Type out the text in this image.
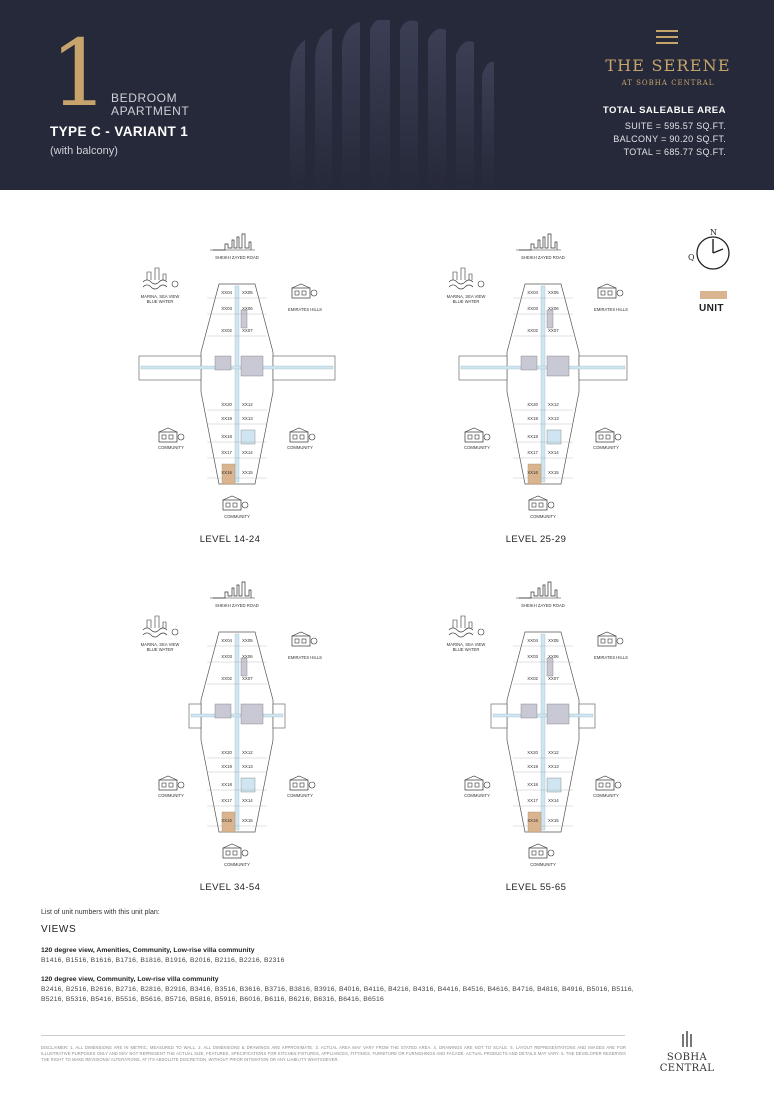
1 BEDROOM
APARTMENT
TYPE C - VARIANT 1
(with balcony)
THE SERENE
AT SOBHA CENTRAL
TOTAL SALEABLE AREA
SUITE = 595.57 SQ.FT.
BALCONY = 90.20 SQ.FT.
TOTAL = 685.77 SQ.FT.
N
Q
UNIT
SHEIKH ZAYED ROAD
MARINA, SEA VIEW
BLUE WATER
EMIRATES HILLS
COMMUNITY	COMMUNITY
COMMUNITY
XX04 XX05
XX03 XX06
XX02 XX07
XX20 XX12
XX19 XX13
XX18
XX17 XX14
XX16 XX15
LEVEL 14-24
SHEIKH ZAYED ROAD
MARINA, SEA VIEW
BLUE WATER
EMIRATES HILLS
COMMUNITY	COMMUNITY
COMMUNITY
XX04 XX05
XX03 XX06
XX02 XX07
XX20 XX12
XX19 XX13
XX18
XX17 XX14
XX16 XX15
LEVEL 25-29
SHEIKH ZAYED ROAD
MARINA, SEA VIEW
BLUE WATER
EMIRATES HILLS
COMMUNITY	COMMUNITY
COMMUNITY
XX04 XX05
XX03 XX06
XX02 XX07
XX20 XX12
XX19 XX13
XX18
XX17 XX14
XX16 XX15
LEVEL 34-54
SHEIKH ZAYED ROAD
MARINA, SEA VIEW
BLUE WATER
EMIRATES HILLS
COMMUNITY	COMMUNITY
COMMUNITY
XX04 XX05
XX03 XX06
XX02 XX07
XX20 XX12
XX19 XX13
XX18
XX17 XX14
XX16 XX15
LEVEL 55-65
List of unit numbers with this unit plan:
VIEWS
120 degree view, Amenities, Community, Low-rise villa community
B1416, B1516, B1616, B1716, B1816, B1916, B2016, B2116, B2216, B2316
120 degree view, Community, Low-rise villa community
B2416, B2516, B2616, B2716, B2816, B2916, B3416, B3516, B3616, B3716, B3816, B3916, B4016, B4116, B4216, B4316, B4416, B4516, B4616, B4716, B4816, B4916, B5016, B5116, B5216, B5316, B5416, B5516, B5616, B5716, B5816, B5916, B6016, B6116, B6216, B6316, B6416, B6516
DISCLAIMER: 1. ALL DIMENSIONS ARE IN METRIC, MEASURED TO WALL. 2. ALL DIMENSIONS & DRAWINGS ARE APPROXIMATE. 3. ACTUAL AREA MAY VARY FROM THE STATED AREA. 4. DRAWINGS ARE NOT TO SCALE. 5. LAYOUT REPRESENTATIONS AND IMAGES ARE FOR ILLUSTRATIVE PURPOSES ONLY AND MAY NOT REPRESENT THE ACTUAL SIZE, FEATURES, SPECIFICATIONS FOR KITCHEN FIXTURES, APPLIANCES, FITTINGS, FURNITURE OR FURNISHINGS AND FACADE. ACTUAL PRODUCTS AND DETAILS MAY VARY. 6. THE DEVELOPER RESERVES THE RIGHT TO MAKE REVISIONS/ ALTERATIONS, AT ITS ABSOLUTE DISCRETION, WITHOUT PRIOR INTIMATION OR ANY LIABILITY WHATSOEVER.	SOBHA CENTRAL
